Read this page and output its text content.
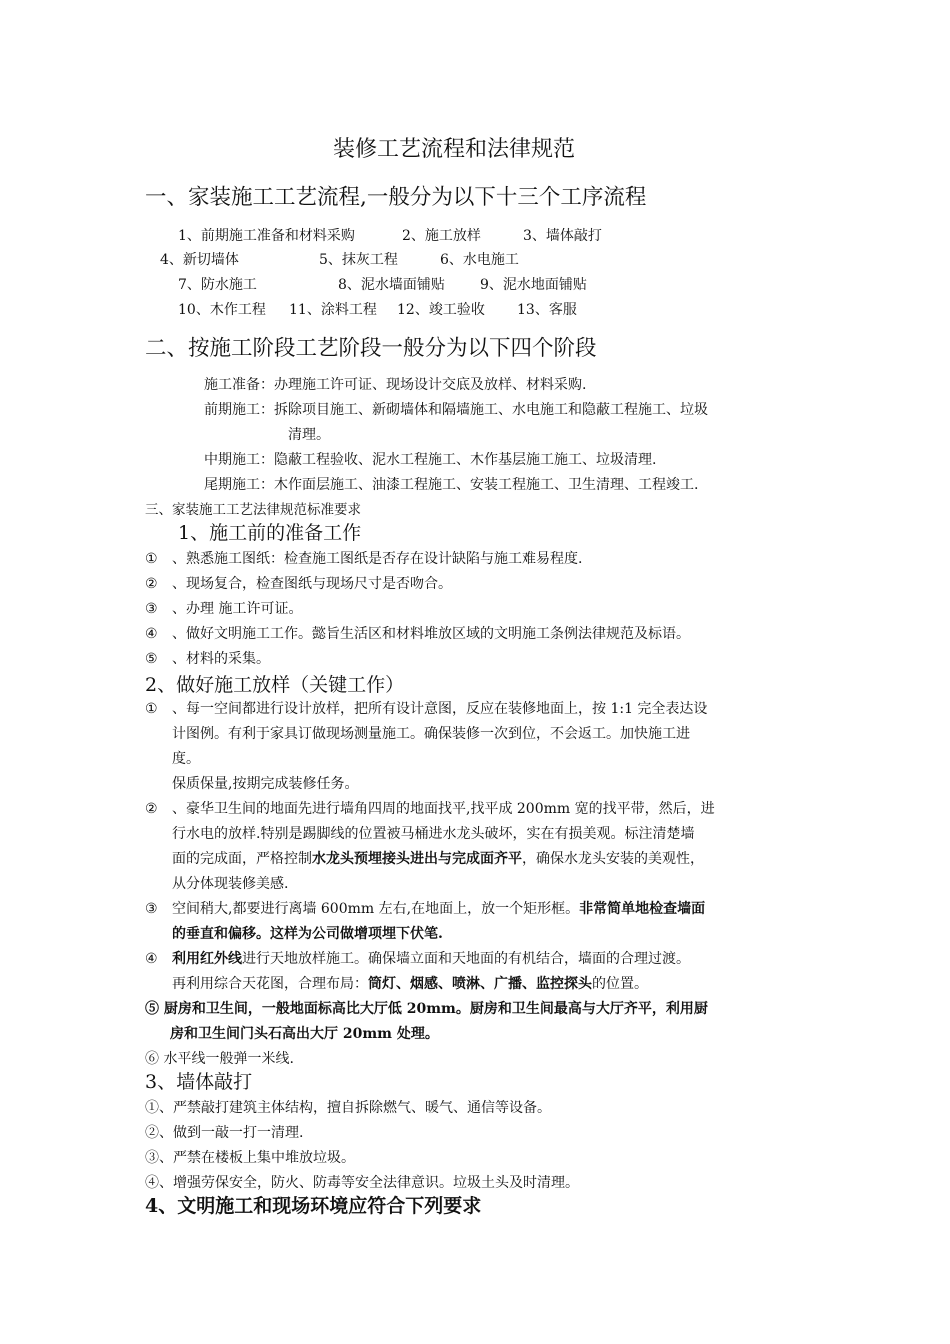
装修工艺流程和法律规范
一、家装施工工艺流程,一般分为以下十三个工序流程
1、前期施工准备和材料采购	2、施工放样	3、墙体敲打
4、新切墙体	5、抹灰工程	6、水电施工
7、防水施工	8、泥水墙面铺贴	9、泥水地面铺贴
10、木作工程 11、涂料工程 12、竣工验收 13、客服
二、按施工阶段工艺阶段一般分为以下四个阶段
施工准备：办理施工许可证、现场设计交底及放样、材料采购.
前期施工：拆除项目施工、新砌墙体和隔墙施工、水电施工和隐蔽工程施工、垃圾
清理。
中期施工：隐蔽工程验收、泥水工程施工、木作基层施工施工、垃圾清理.
尾期施工：木作面层施工、油漆工程施工、安装工程施工、卫生清理、工程竣工.
三、家装施工工艺法律规范标准要求
1、施工前的准备工作
① 、熟悉施工图纸：检查施工图纸是否存在设计缺陷与施工难易程度.
② 、现场复合，检查图纸与现场尺寸是否吻合。
③ 、办理 施工许可证。
④ 、做好文明施工工作。懿旨生活区和材料堆放区域的文明施工条例法律规范及标语。
⑤ 、材料的采集。
2、做好施工放样（关键工作）
① 、每一空间都进行设计放样，把所有设计意图，反应在装修地面上，按 1:1 完全表达设
计图例。有利于家具订做现场测量施工。确保装修一次到位，不会返工。加快施工进
度。
保质保量,按期完成装修任务。
② 、豪华卫生间的地面先进行墙角四周的地面找平,找平成 200mm 宽的找平带，然后，进
行水电的放样.特别是踢脚线的位置被马桶进水龙头破坏，实在有损美观。标注清楚墙
面的完成面，严格控制水龙头预埋接头进出与完成面齐平，确保水龙头安装的美观性，
从分体现装修美感.
③ 空间稍大,都要进行离墙 600mm 左右,在地面上，放一个矩形框。非常简单地检查墙面
的垂直和偏移。这样为公司做增项埋下伏笔.
④ 利用红外线进行天地放样施工。确保墙立面和天地面的有机结合，墙面的合理过渡。
再利用综合天花图，合理布局：筒灯、烟感、喷淋、广播、监控探头的位置。
⑤ 厨房和卫生间，一般地面标高比大厅低 20mm。厨房和卫生间最高与大厅齐平，利用厨
房和卫生间门头石高出大厅 20mm 处理。
⑥ 水平线一般弹一米线.
3、墙体敲打
①、严禁敲打建筑主体结构，擅自拆除燃气、暖气、通信等设备。
②、做到一敲一打一清理.
③、严禁在楼板上集中堆放垃圾。
④、增强劳保安全，防火、防毒等安全法律意识。垃圾土头及时清理。
4、文明施工和现场环境应符合下列要求
